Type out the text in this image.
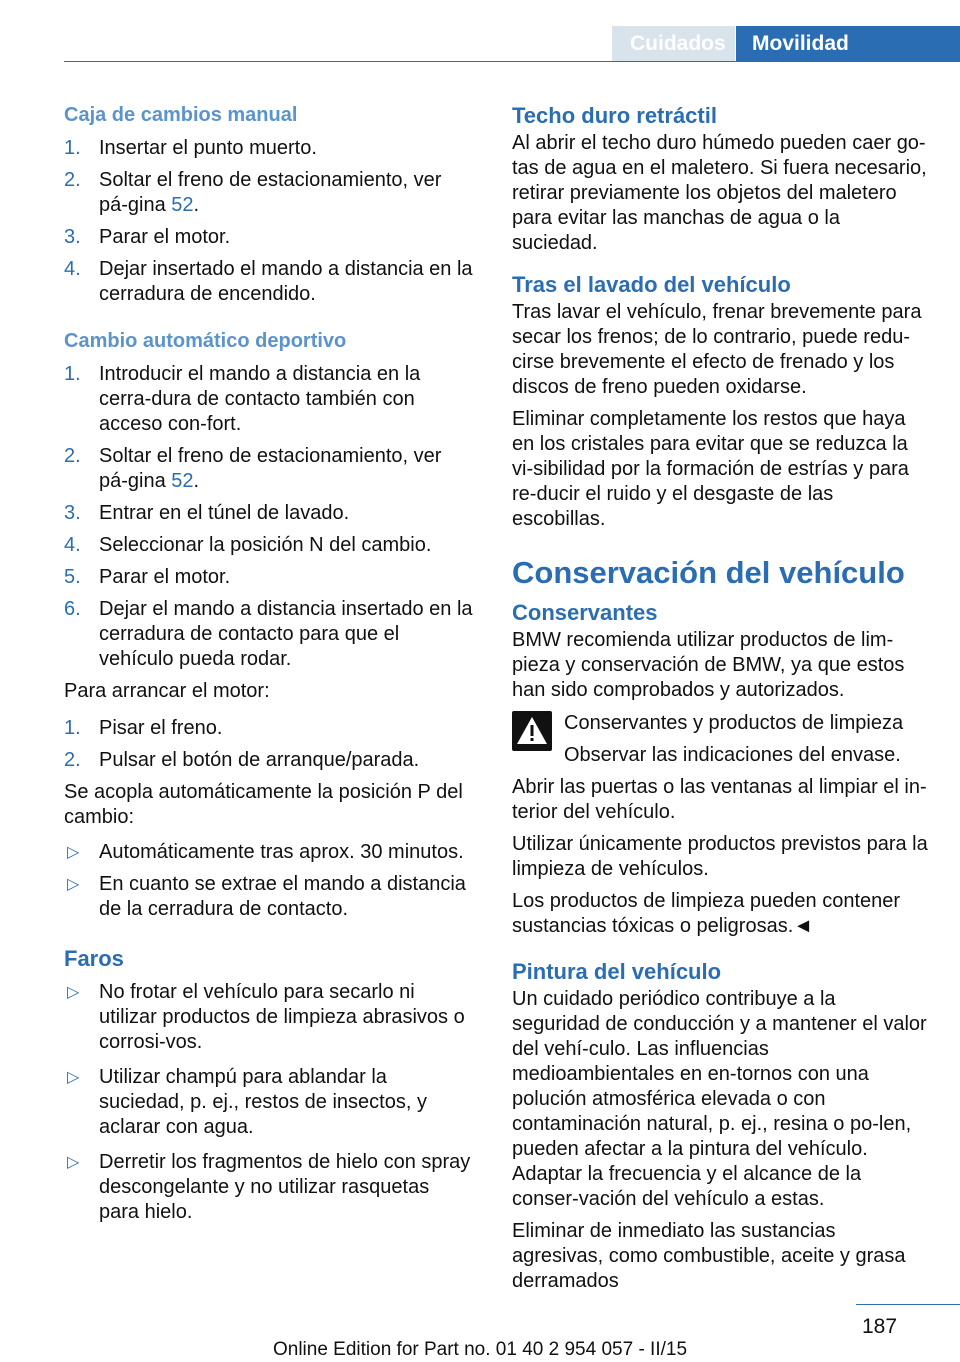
Cuidados Movilidad
Caja de cambios manual
1. Insertar el punto muerto.
2. Soltar el freno de estacionamiento, ver pá‐gina 52.
3. Parar el motor.
4. Dejar insertado el mando a distancia en la cerradura de encendido.
Cambio automático deportivo
1. Introducir el mando a distancia en la cerra‐dura de contacto también con acceso con‐fort.
2. Soltar el freno de estacionamiento, ver pá‐gina 52.
3. Entrar en el túnel de lavado.
4. Seleccionar la posición N del cambio.
5. Parar el motor.
6. Dejar el mando a distancia insertado en la cerradura de contacto para que el vehículo pueda rodar.

Para arrancar el motor:

1. Pisar el freno.
2. Pulsar el botón de arranque/parada.

Se acopla automáticamente la posición P del cambio:

▷ Automáticamente tras aprox. 30 minutos.
▷ En cuanto se extrae el mando a distancia de la cerradura de contacto.
Faros
▷ No frotar el vehículo para secarlo ni utilizar productos de limpieza abrasivos o corrosi‐vos.
▷ Utilizar champú para ablandar la suciedad, p. ej., restos de insectos, y aclarar con agua.
▷ Derretir los fragmentos de hielo con spray descongelante y no utilizar rasquetas para hielo.
Techo duro retráctil

Al abrir el techo duro húmedo pueden caer go‐tas de agua en el maletero. Si fuera necesario, retirar previamente los objetos del maletero para evitar las manchas de agua o la suciedad.

Tras el lavado del vehículo

Tras lavar el vehículo, frenar brevemente para secar los frenos; de lo contrario, puede redu‐cirse brevemente el efecto de frenado y los discos de freno pueden oxidarse.

Eliminar completamente los restos que haya en los cristales para evitar que se reduzca la vi‐sibilidad por la formación de estrías y para re‐ducir el ruido y el desgaste de las escobillas.

Conservación del vehículo
Conservantes

BMW recomienda utilizar productos de lim‐pieza y conservación de BMW, ya que estos han sido comprobados y autorizados.

Conservantes y productos de limpieza

Observar las indicaciones del envase.

Abrir las puertas o las ventanas al limpiar el in‐terior del vehículo.

Utilizar únicamente productos previstos para la limpieza de vehículos.

Los productos de limpieza pueden contener sustancias tóxicas o peligrosas.◄

Pintura del vehículo

Un cuidado periódico contribuye a la seguridad de conducción y a mantener el valor del vehí‐culo. Las influencias medioambientales en en‐tornos con una polución atmosférica elevada o con contaminación natural, p. ej., resina o po‐len, pueden afectar a la pintura del vehículo. Adaptar la frecuencia y el alcance de la conser‐vación del vehículo a estas.

Eliminar de inmediato las sustancias agresivas, como combustible, aceite y grasa derramados

187
Online Edition for Part no. 01 40 2 954 057 - II/15
